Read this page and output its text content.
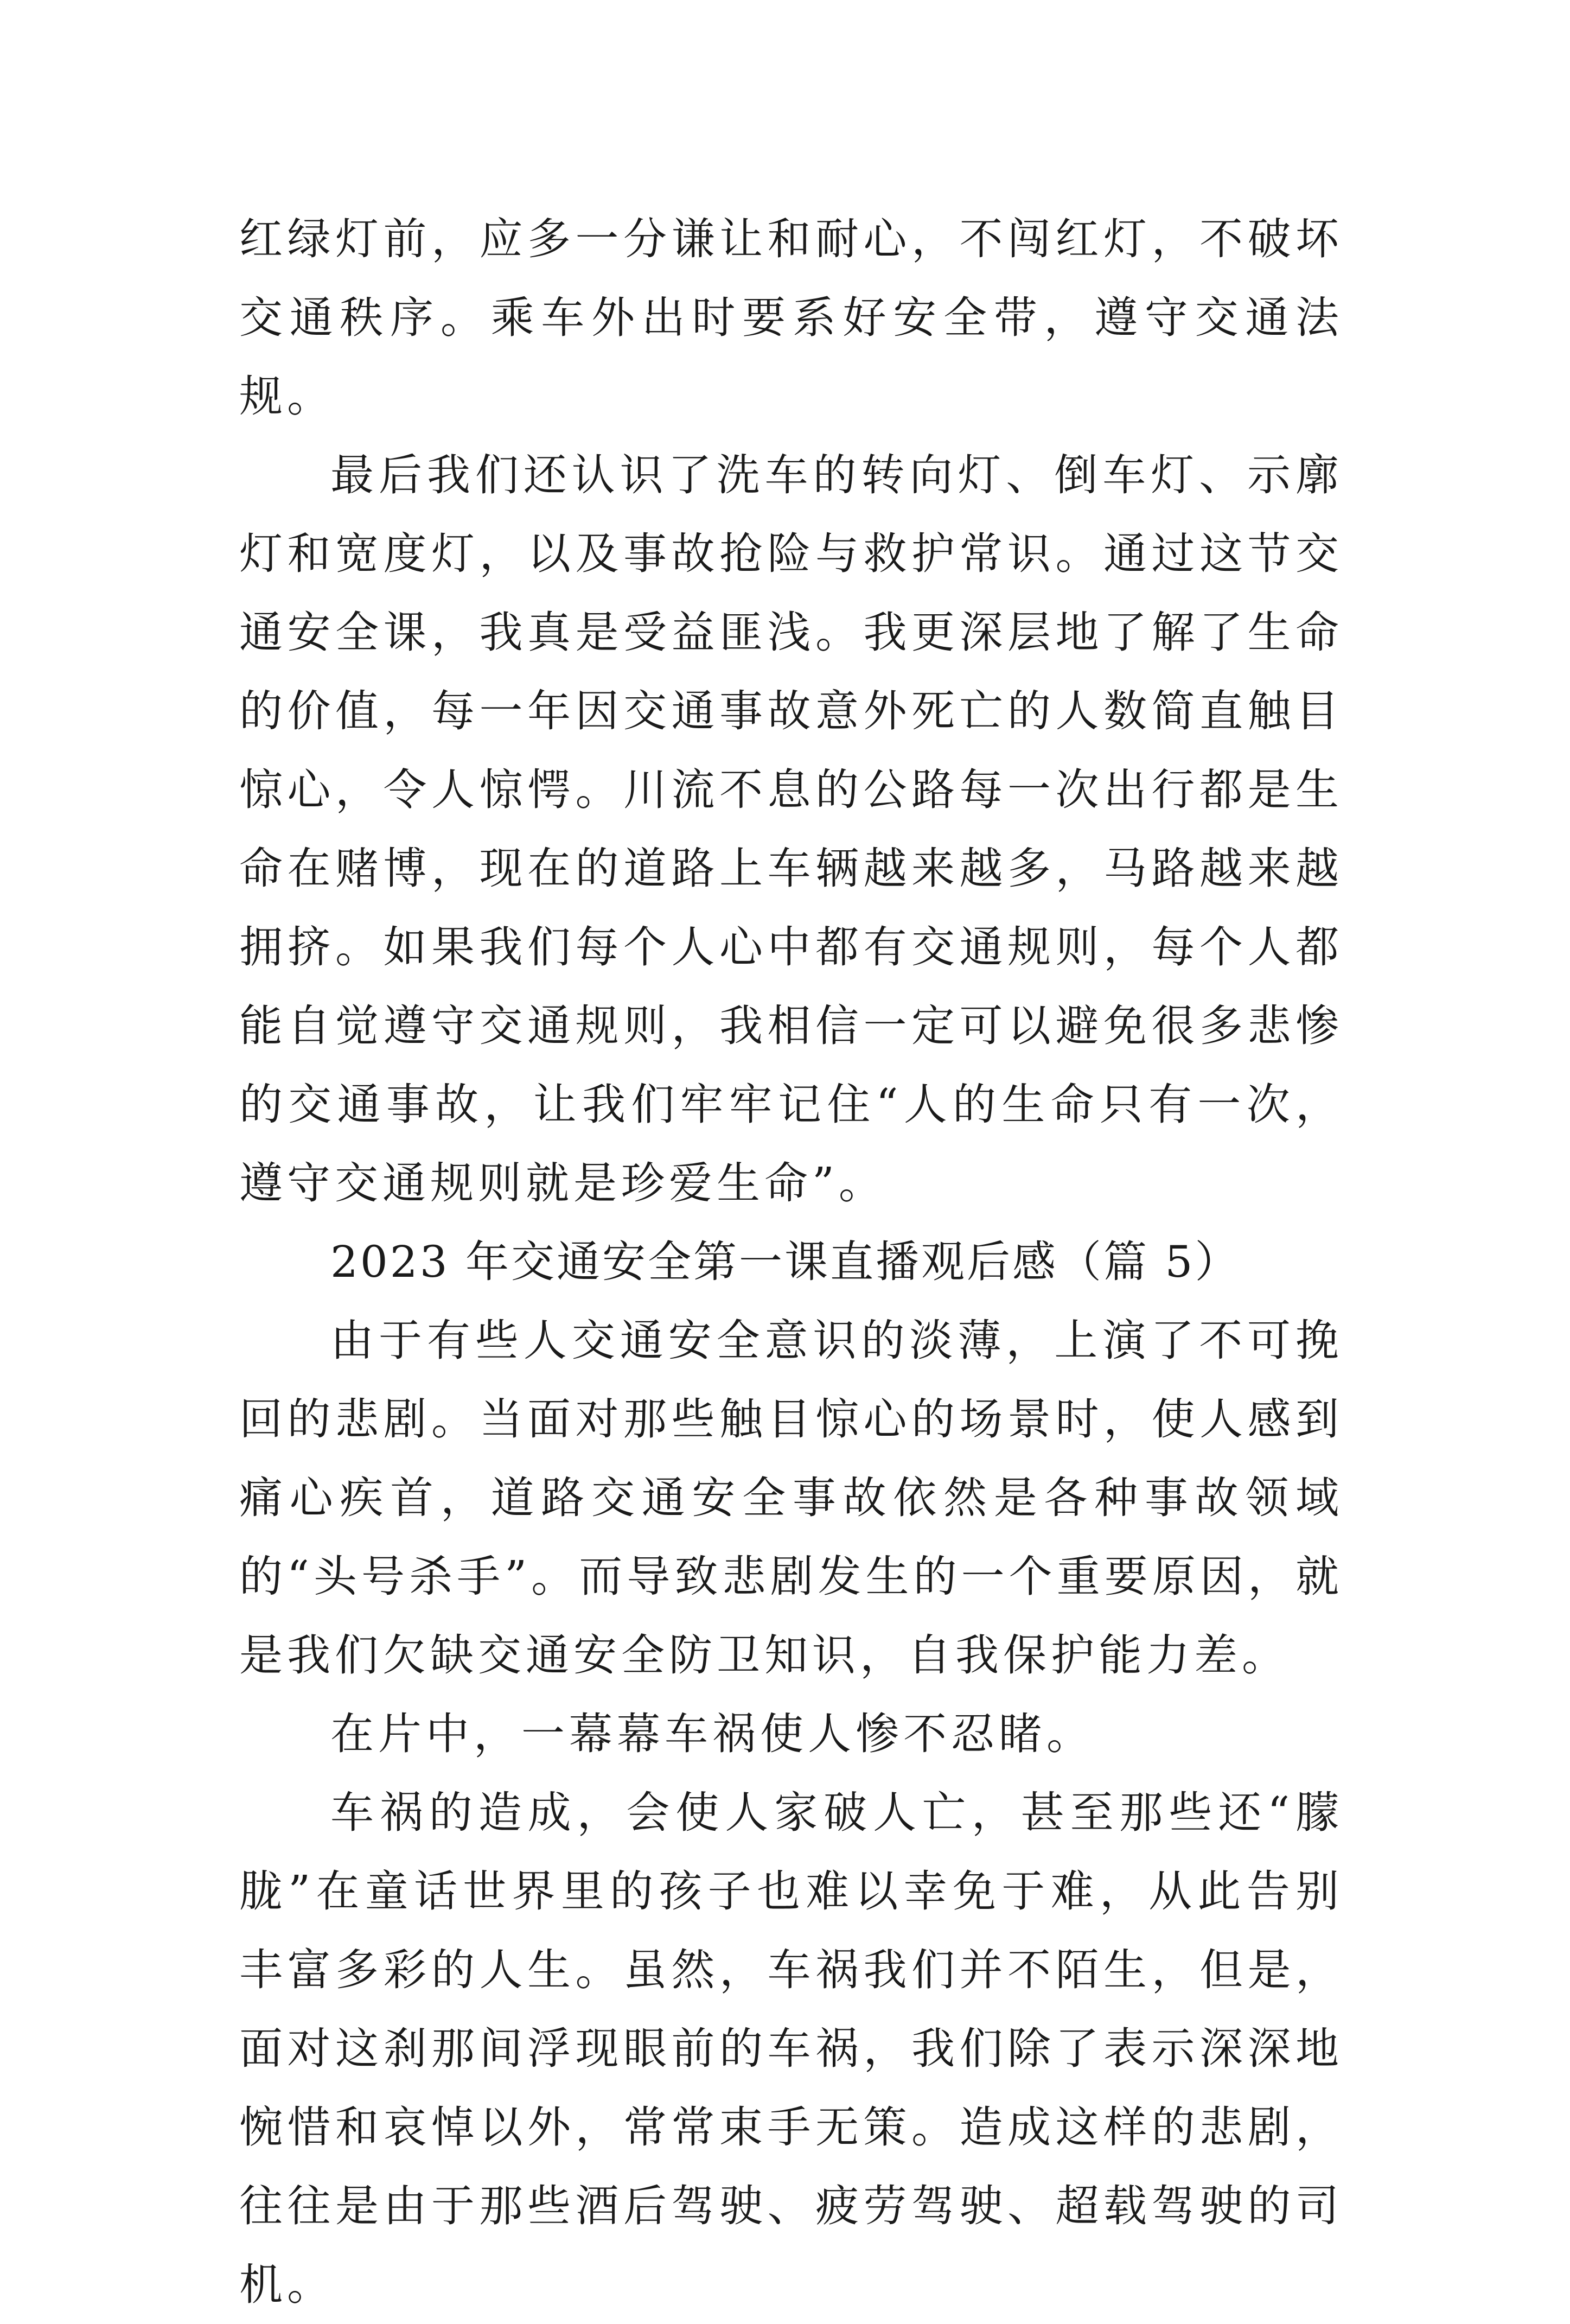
红绿灯前，应多一分谦让和耐心，不闯红灯，不破坏交通秩序。乘车外出时要系好安全带，遵守交通法规。

最后我们还认识了洗车的转向灯、倒车灯、示廓灯和宽度灯，以及事故抢险与救护常识。通过这节交通安全课，我真是受益匪浅。我更深层地了解了生命的价值，每一年因交通事故意外死亡的人数简直触目惊心，令人惊愕。川流不息的公路每一次出行都是生命在赌博，现在的道路上车辆越来越多，马路越来越拥挤。如果我们每个人心中都有交通规则，每个人都能自觉遵守交通规则，我相信一定可以避免很多悲惨的交通事故，让我们牢牢记住“人的生命只有一次，遵守交通规则就是珍爱生命”。

2023 年交通安全第一课直播观后感（篇 5）

由于有些人交通安全意识的淡薄，上演了不可挽回的悲剧。当面对那些触目惊心的场景时，使人感到痛心疾首，道路交通安全事故依然是各种事故领域的“头号杀手”。而导致悲剧发生的一个重要原因，就是我们欠缺交通安全防卫知识，自我保护能力差。

在片中，一幕幕车祸使人惨不忍睹。

车祸的造成，会使人家破人亡，甚至那些还“朦胧”在童话世界里的孩子也难以幸免于难，从此告别丰富多彩的人生。虽然，车祸我们并不陌生，但是，面对这刹那间浮现眼前的车祸，我们除了表示深深地惋惜和哀悼以外，常常束手无策。造成这样的悲剧，往往是由于那些酒后驾驶、疲劳驾驶、超载驾驶的司机。
